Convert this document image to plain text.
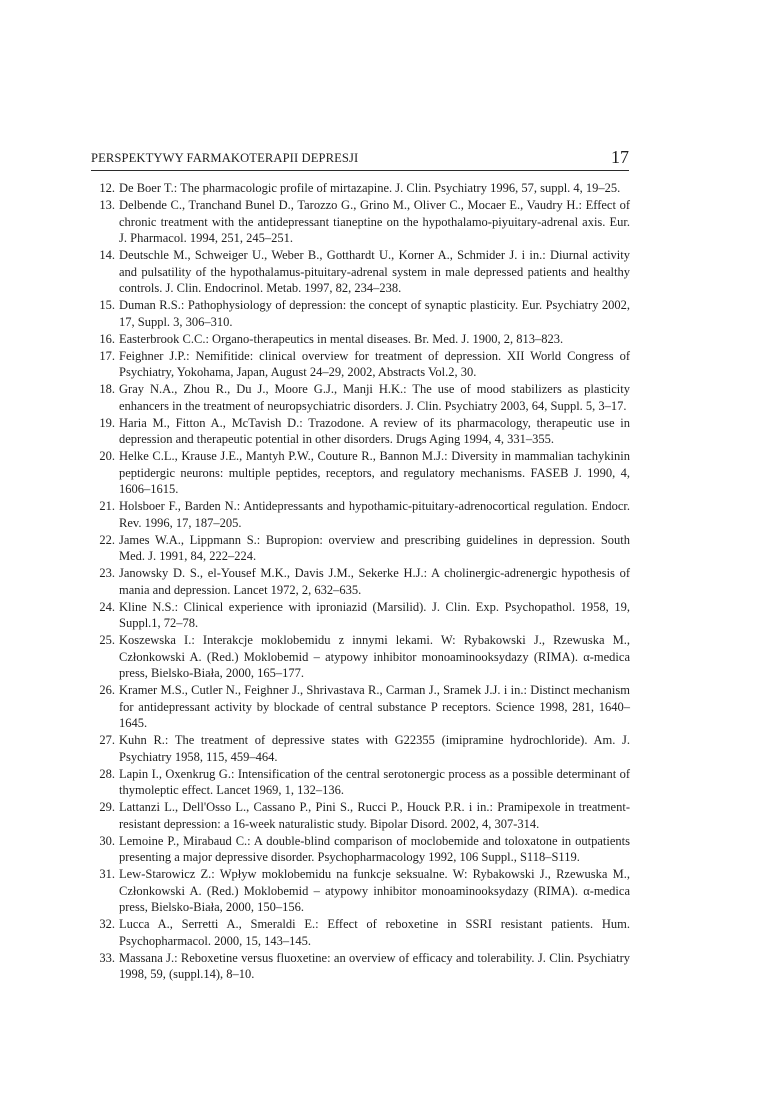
PERSPEKTYWY FARMAKOTERAPII DEPRESJI	17
12. De Boer T.: The pharmacologic profile of mirtazapine. J. Clin. Psychiatry 1996, 57, suppl. 4, 19–25.
13. Delbende C., Tranchand Bunel D., Tarozzo G., Grino M., Oliver C., Mocaer E., Vaudry H.: Effect of chronic treatment with the antidepressant tianeptine on the hypothalamo-piyuitary-adrenal axis. Eur. J. Pharmacol. 1994, 251, 245–251.
14. Deutschle M., Schweiger U., Weber B., Gotthardt U., Korner A., Schmider J. i in.: Diurnal activity and pulsatility of the hypothalamus-pituitary-adrenal system in male depressed patients and healthy controls. J. Clin. Endocrinol. Metab. 1997, 82, 234–238.
15. Duman R.S.: Pathophysiology of depression: the concept of synaptic plasticity. Eur. Psychiatry 2002, 17, Suppl. 3, 306–310.
16. Easterbrook C.C.: Organo-therapeutics in mental diseases. Br. Med. J. 1900, 2, 813–823.
17. Feighner J.P.: Nemifitide: clinical overview for treatment of depression. XII World Congress of Psychiatry, Yokohama, Japan, August 24–29, 2002, Abstracts Vol.2, 30.
18. Gray N.A., Zhou R., Du J., Moore G.J., Manji H.K.: The use of mood stabilizers as plasticity enhancers in the treatment of neuropsychiatric disorders. J. Clin. Psychiatry 2003, 64, Suppl. 5, 3–17.
19. Haria M., Fitton A., McTavish D.: Trazodone. A review of its pharmacology, therapeutic use in depression and therapeutic potential in other disorders. Drugs Aging 1994, 4, 331–355.
20. Helke C.L., Krause J.E., Mantyh P.W., Couture R., Bannon M.J.: Diversity in mammalian tachykinin peptidergic neurons: multiple peptides, receptors, and regulatory mechanisms. FASEB J. 1990, 4, 1606–1615.
21. Holsboer F., Barden N.: Antidepressants and hypothamic-pituitary-adrenocortical regulation. Endocr. Rev. 1996, 17, 187–205.
22. James W.A., Lippmann S.: Bupropion: overview and prescribing guidelines in depression. South Med. J. 1991, 84, 222–224.
23. Janowsky D. S., el-Yousef M.K., Davis J.M., Sekerke H.J.: A cholinergic-adrenergic hypothesis of mania and depression. Lancet 1972, 2, 632–635.
24. Kline N.S.: Clinical experience with iproniazid (Marsilid). J. Clin. Exp. Psychopathol. 1958, 19, Suppl.1, 72–78.
25. Koszewska I.: Interakcje moklobemidu z innymi lekami. W: Rybakowski J., Rzewuska M., Członkowski A. (Red.) Moklobemid – atypowy inhibitor monoaminooksydazy (RIMA). α-medica press, Bielsko-Biała, 2000, 165–177.
26. Kramer M.S., Cutler N., Feighner J., Shrivastava R., Carman J., Sramek J.J. i in.: Distinct mechanism for antidepressant activity by blockade of central substance P receptors. Science 1998, 281, 1640–1645.
27. Kuhn R.: The treatment of depressive states with G22355 (imipramine hydrochloride). Am. J. Psychiatry 1958, 115, 459–464.
28. Lapin I., Oxenkrug G.: Intensification of the central serotonergic process as a possible determinant of thymoleptic effect. Lancet 1969, 1, 132–136.
29. Lattanzi L., Dell'Osso L., Cassano P., Pini S., Rucci P., Houck P.R. i in.: Pramipexole in treatment-resistant depression: a 16-week naturalistic study. Bipolar Disord. 2002, 4, 307-314.
30. Lemoine P., Mirabaud C.: A double-blind comparison of moclobemide and toloxatone in outpatients presenting a major depressive disorder. Psychopharmacology 1992, 106 Suppl., S118–S119.
31. Lew-Starowicz Z.: Wpływ moklobemidu na funkcje seksualne. W: Rybakowski J., Rzewuska M., Członkowski A. (Red.) Moklobemid – atypowy inhibitor monoaminooksydazy (RIMA). α-medica press, Bielsko-Biała, 2000, 150–156.
32. Lucca A., Serretti A., Smeraldi E.: Effect of reboxetine in SSRI resistant patients. Hum. Psychopharmacol. 2000, 15, 143–145.
33. Massana J.: Reboxetine versus fluoxetine: an overview of efficacy and tolerability. J. Clin. Psychiatry 1998, 59, (suppl.14), 8–10.
